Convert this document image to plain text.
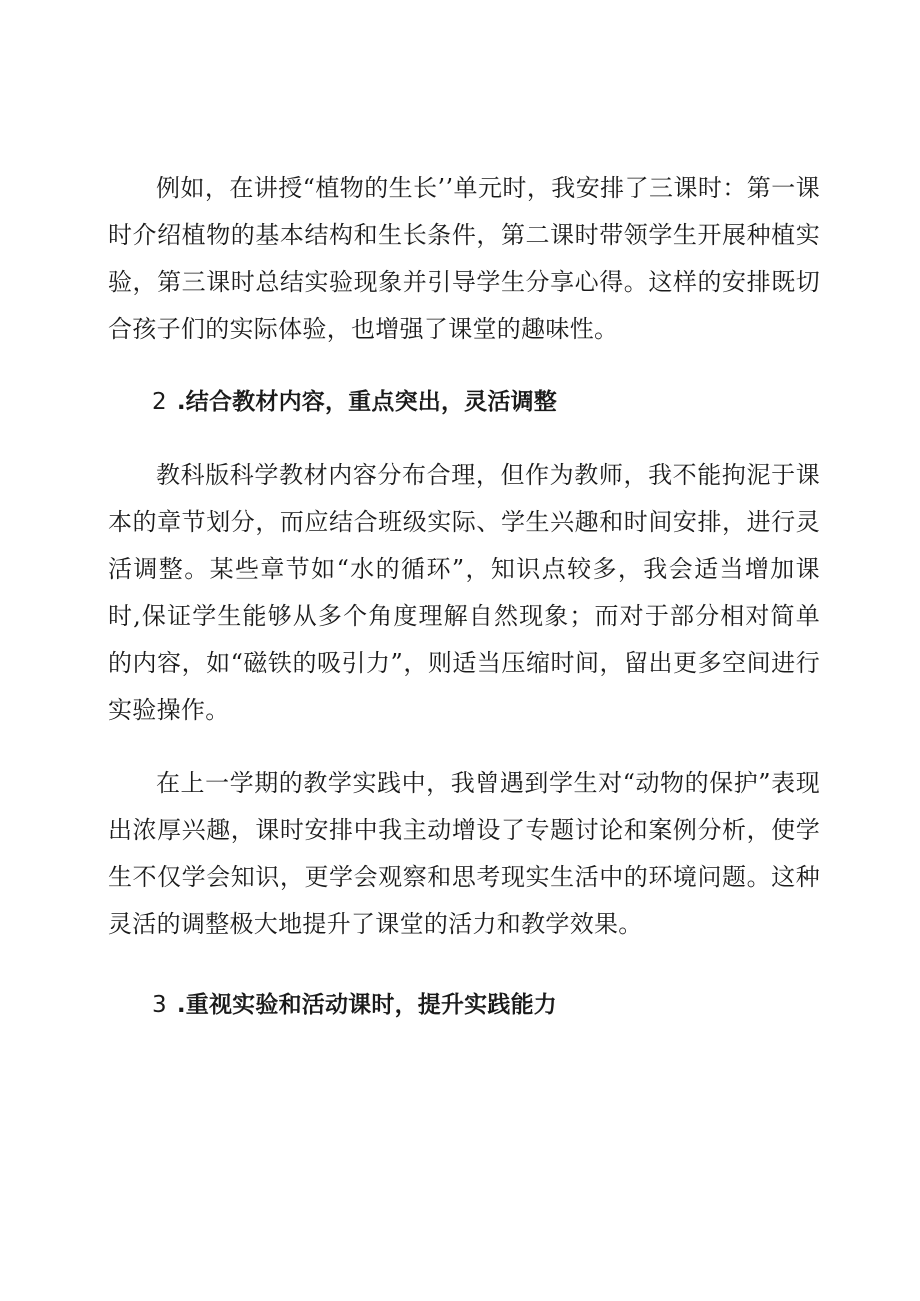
例如，在讲授“植物的生长’’单元时，我安排了三课时：第一课时介绍植物的基本结构和生长条件，第二课时带领学生开展种植实验，第三课时总结实验现象并引导学生分享心得。这样的安排既切合孩子们的实际体验，也增强了课堂的趣味性。

2 .结合教材内容，重点突出，灵活调整

教科版科学教材内容分布合理，但作为教师，我不能拘泥于课本的章节划分，而应结合班级实际、学生兴趣和时间安排，进行灵活调整。某些章节如“水的循环”，知识点较多，我会适当增加课时,保证学生能够从多个角度理解自然现象；而对于部分相对简单的内容，如“磁铁的吸引力”，则适当压缩时间，留出更多空间进行实验操作。

在上一学期的教学实践中，我曾遇到学生对“动物的保护”表现出浓厚兴趣，课时安排中我主动增设了专题讨论和案例分析，使学生不仅学会知识，更学会观察和思考现实生活中的环境问题。这种灵活的调整极大地提升了课堂的活力和教学效果。

3 .重视实验和活动课时，提升实践能力
